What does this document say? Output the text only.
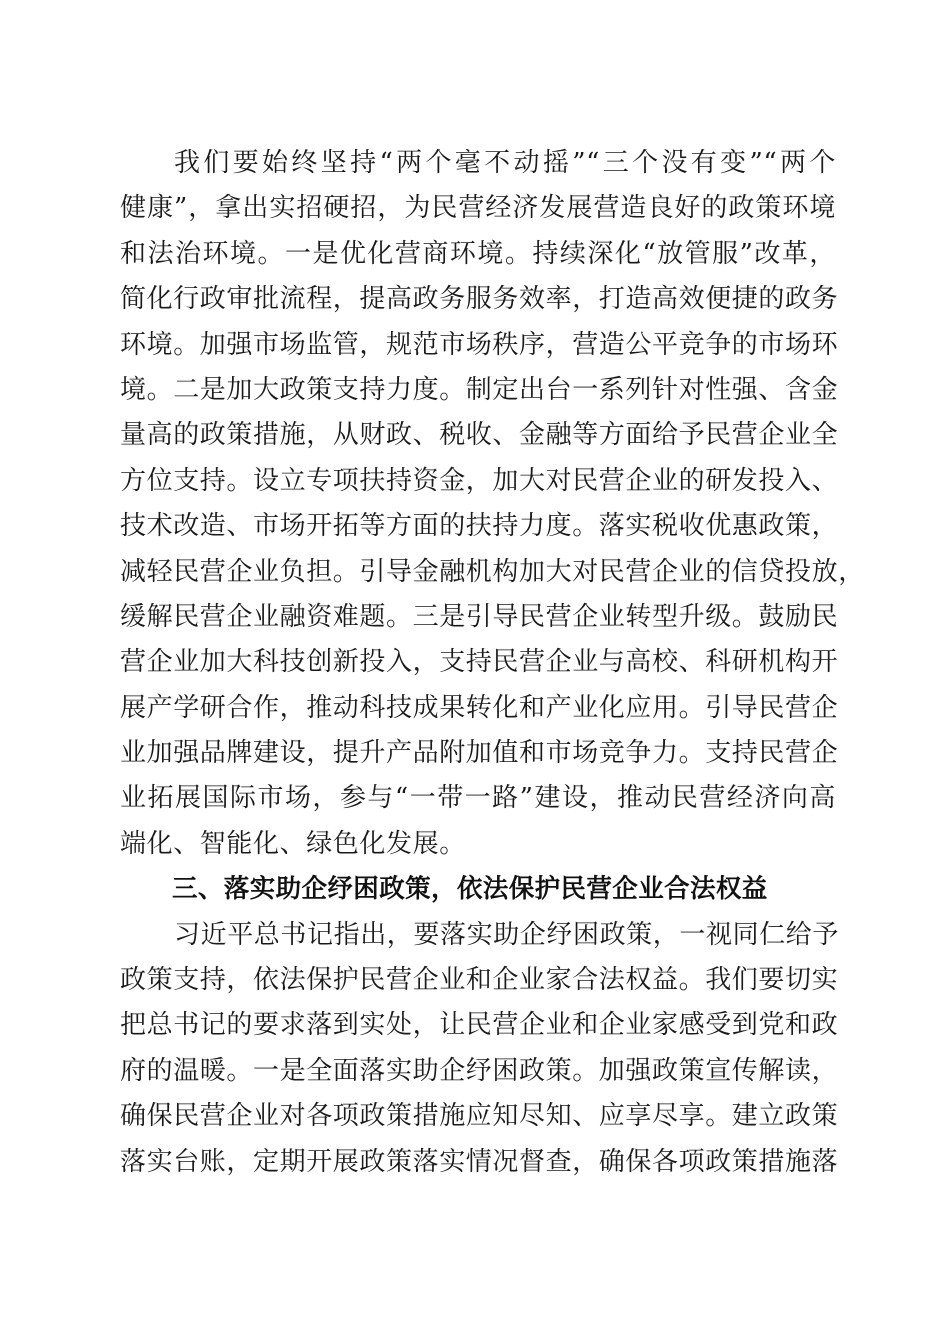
我们要始终坚持“两个毫不动摇”“三个没有变”“两个
健康”，拿出实招硬招，为民营经济发展营造良好的政策环境
和法治环境。一是优化营商环境。持续深化“放管服”改革，
简化行政审批流程，提高政务服务效率，打造高效便捷的政务
环境。加强市场监管，规范市场秩序，营造公平竞争的市场环
境。二是加大政策支持力度。制定出台一系列针对性强、含金
量高的政策措施，从财政、税收、金融等方面给予民营企业全
方位支持。设立专项扶持资金，加大对民营企业的研发投入、
技术改造、市场开拓等方面的扶持力度。落实税收优惠政策，
减轻民营企业负担。引导金融机构加大对民营企业的信贷投放，
缓解民营企业融资难题。三是引导民营企业转型升级。鼓励民
营企业加大科技创新投入，支持民营企业与高校、科研机构开
展产学研合作，推动科技成果转化和产业化应用。引导民营企
业加强品牌建设，提升产品附加值和市场竞争力。支持民营企
业拓展国际市场，参与“一带一路”建设，推动民营经济向高
端化、智能化、绿色化发展。
三、落实助企纾困政策，依法保护民营企业合法权益
习近平总书记指出，要落实助企纾困政策，一视同仁给予
政策支持，依法保护民营企业和企业家合法权益。我们要切实
把总书记的要求落到实处，让民营企业和企业家感受到党和政
府的温暖。一是全面落实助企纾困政策。加强政策宣传解读，
确保民营企业对各项政策措施应知尽知、应享尽享。建立政策
落实台账，定期开展政策落实情况督查，确保各项政策措施落
